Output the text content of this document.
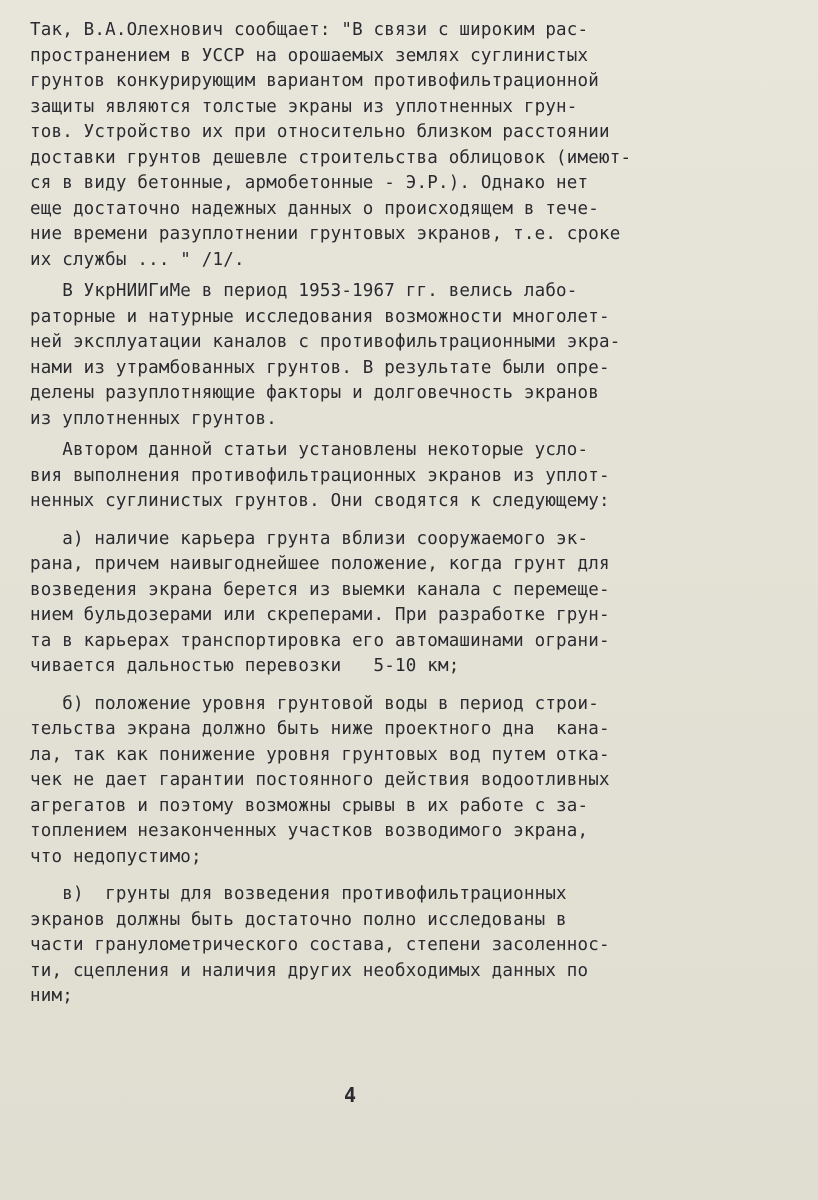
Так, В.А.Олехнович сообщает: "В связи с широким рас-
пространением в УССР на орошаемых землях суглинистых
грунтов конкурирующим вариантом противофильтрационной
защиты являются толстые экраны из уплотненных грун-
тов. Устройство их при относительно близком расстоянии
доставки грунтов дешевле строительства облицовок (имеют-
ся в виду бетонные, армобетонные - Э.Р.). Однако нет
еще достаточно надежных данных о происходящем в тече-
ние времени разуплотнении грунтовых экранов, т.е. сроке
их службы ... " /1/.
В УкрНИИГиМе в период 1953-1967 гг. велись лабо-
раторные и натурные исследования возможности многолет-
ней эксплуатации каналов с противофильтрационными экра-
нами из утрамбованных грунтов. В результате были опре-
делены разуплотняющие факторы и долговечность экранов
из уплотненных грунтов.
Автором данной статьи установлены некоторые усло-
вия выполнения противофильтрационных экранов из уплот-
ненных суглинистых грунтов. Они сводятся к следующему:
а) наличие карьера грунта вблизи сооружаемого эк-
рана, причем наивыгоднейшее положение, когда грунт для
возведения экрана берется из выемки канала с перемеще-
нием бульдозерами или скреперами. При разработке грун-
та в карьерах транспортировка его автомашинами ограни-
чивается дальностью перевозки   5-10 км;
б) положение уровня грунтовой воды в период строи-
тельства экрана должно быть ниже проектного дна  кана-
ла, так как понижение уровня грунтовых вод путем отка-
чек не дает гарантии постоянного действия водоотливных
агрегатов и поэтому возможны срывы в их работе с за-
топлением незаконченных участков возводимого экрана,
что недопустимо;
в)  грунты для возведения противофильтрационных
экранов должны быть достаточно полно исследованы в
части гранулометрического состава, степени засоленнос-
ти, сцепления и наличия других необходимых данных по
ним;
4
